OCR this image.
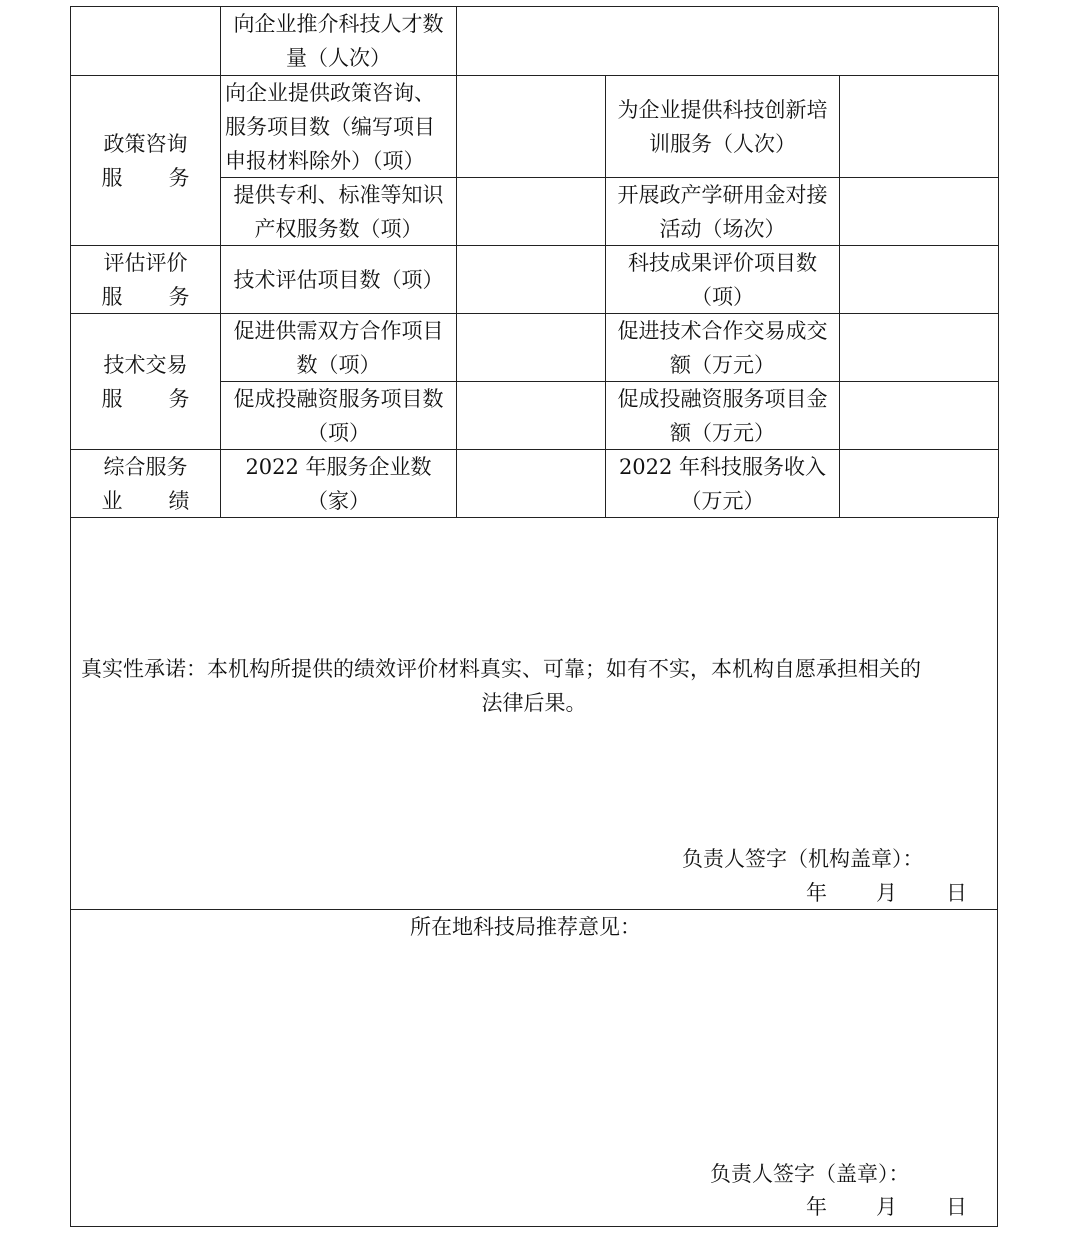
向企业推介科技人才数量（人次）
政策咨询
服 务
向企业提供政策咨询、服务项目数（编写项目申报材料除外）（项）
为企业提供科技创新培训服务（人次）
提供专利、标准等知识产权服务数（项）
开展政产学研用金对接活动（场次）
评估评价
服 务
技术评估项目数（项）
科技成果评价项目数（项）
技术交易
服 务
促进供需双方合作项目数（项）
促进技术合作交易成交额（万元）
促成投融资服务项目数（项）
促成投融资服务项目金额（万元）
综合服务
业 绩
2022 年服务企业数（家）
2022 年科技服务收入（万元）
真实性承诺：本机构所提供的绩效评价材料真实、可靠；如有不实，本机构自愿承担相关的
法律后果。
负责人签字（机构盖章）：
年 月 日
所在地科技局推荐意见：
负责人签字（盖章）：
年 月 日
